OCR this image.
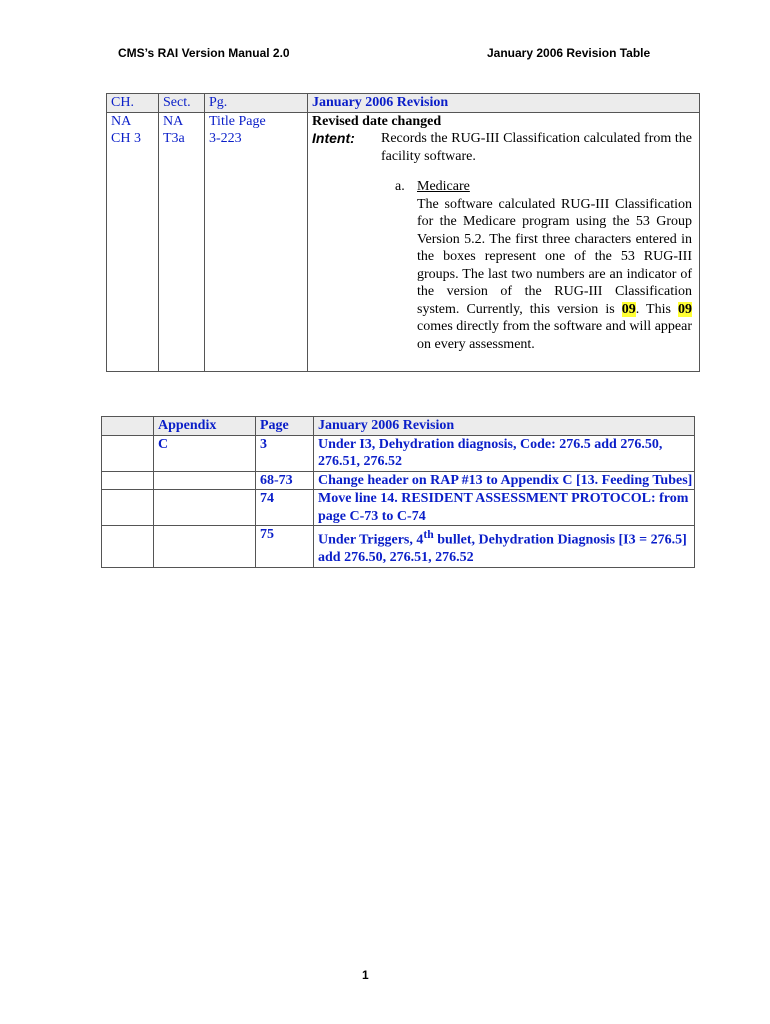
CMS’s RAI Version Manual 2.0	January 2006 Revision Table
CH.	Sect.	Pg.	January 2006 Revision
NA	NA	Title Page	Revised date changed
CH 3	T3a	3-223	Intent: Records the RUG-III Classification calculated from the facility software.
a. Medicare
The software calculated RUG-III Classification for the Medicare program using the 53 Group Version 5.2. The first three characters entered in the boxes represent one of the 53 RUG-III groups. The last two numbers are an indicator of the version of the RUG-III Classification system. Currently, this version is 09. This 09 comes directly from the software and will appear on every assessment.
	Appendix	Page	January 2006 Revision
	C	3	Under I3, Dehydration diagnosis, Code: 276.5 add 276.50, 276.51, 276.52
		68-73	Change header on RAP #13 to Appendix C [13. Feeding Tubes]
		74	Move line 14. RESIDENT ASSESSMENT PROTOCOL: from page C-73 to C-74
		75	Under Triggers, 4th bullet, Dehydration Diagnosis [I3 = 276.5] add 276.50, 276.51, 276.52
1
